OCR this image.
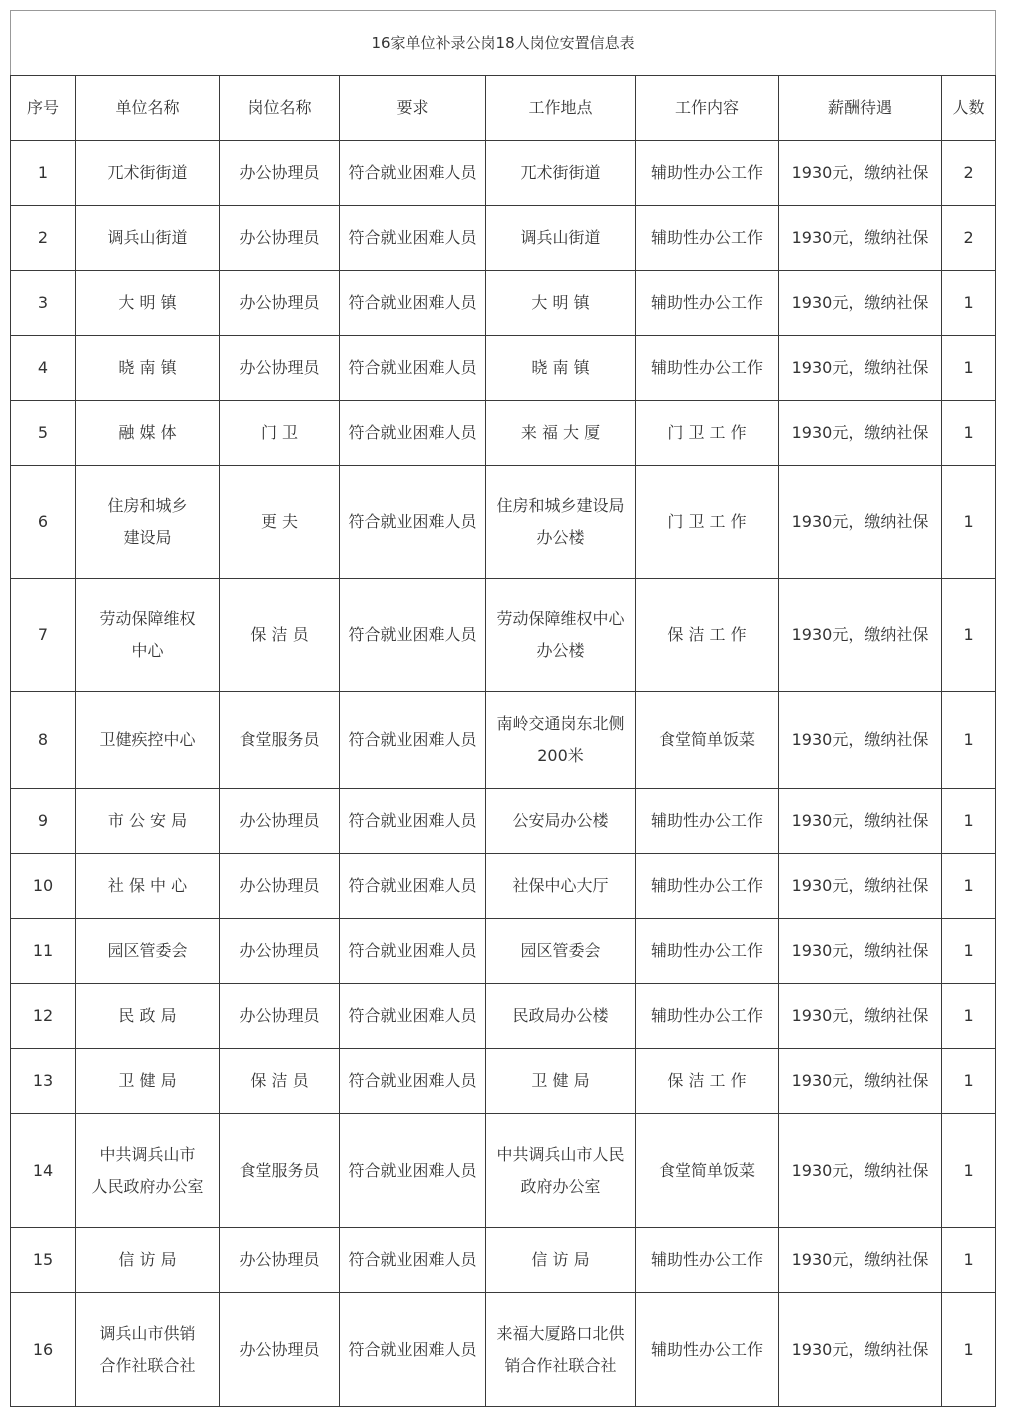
16家单位补录公岗18人岗位安置信息表							
序号	单位名称	岗位名称	要求	工作地点	工作内容	薪酬待遇	人数
1	兀术街街道	办公协理员	符合就业困难人员	兀术街街道	辅助性办公工作	1930元，缴纳社保	2
2	调兵山街道	办公协理员	符合就业困难人员	调兵山街道	辅助性办公工作	1930元，缴纳社保	2
3	大 明 镇	办公协理员	符合就业困难人员	大 明 镇	辅助性办公工作	1930元，缴纳社保	1
4	晓 南 镇	办公协理员	符合就业困难人员	晓 南 镇	辅助性办公工作	1930元，缴纳社保	1
5	融 媒 体	门 卫	符合就业困难人员	来 福 大 厦	门 卫 工 作	1930元，缴纳社保	1
6	住房和城乡
建设局	更 夫	符合就业困难人员	住房和城乡建设局
办公楼	门 卫 工 作	1930元，缴纳社保	1
7	劳动保障维权
中心	保 洁 员	符合就业困难人员	劳动保障维权中心
办公楼	保 洁 工 作	1930元，缴纳社保	1
8	卫健疾控中心	食堂服务员	符合就业困难人员	南岭交通岗东北侧
200米	食堂简单饭菜	1930元，缴纳社保	1
9	市 公 安 局	办公协理员	符合就业困难人员	公安局办公楼	辅助性办公工作	1930元，缴纳社保	1
10	社 保 中 心	办公协理员	符合就业困难人员	社保中心大厅	辅助性办公工作	1930元，缴纳社保	1
11	园区管委会	办公协理员	符合就业困难人员	园区管委会	辅助性办公工作	1930元，缴纳社保	1
12	民 政 局	办公协理员	符合就业困难人员	民政局办公楼	辅助性办公工作	1930元，缴纳社保	1
13	卫 健 局	保 洁 员	符合就业困难人员	卫 健 局	保 洁 工 作	1930元，缴纳社保	1
14	中共调兵山市
人民政府办公室	食堂服务员	符合就业困难人员	中共调兵山市人民
政府办公室	食堂简单饭菜	1930元，缴纳社保	1
15	信 访 局	办公协理员	符合就业困难人员	信 访 局	辅助性办公工作	1930元，缴纳社保	1
16	调兵山市供销
合作社联合社	办公协理员	符合就业困难人员	来福大厦路口北供
销合作社联合社	辅助性办公工作	1930元，缴纳社保	1
